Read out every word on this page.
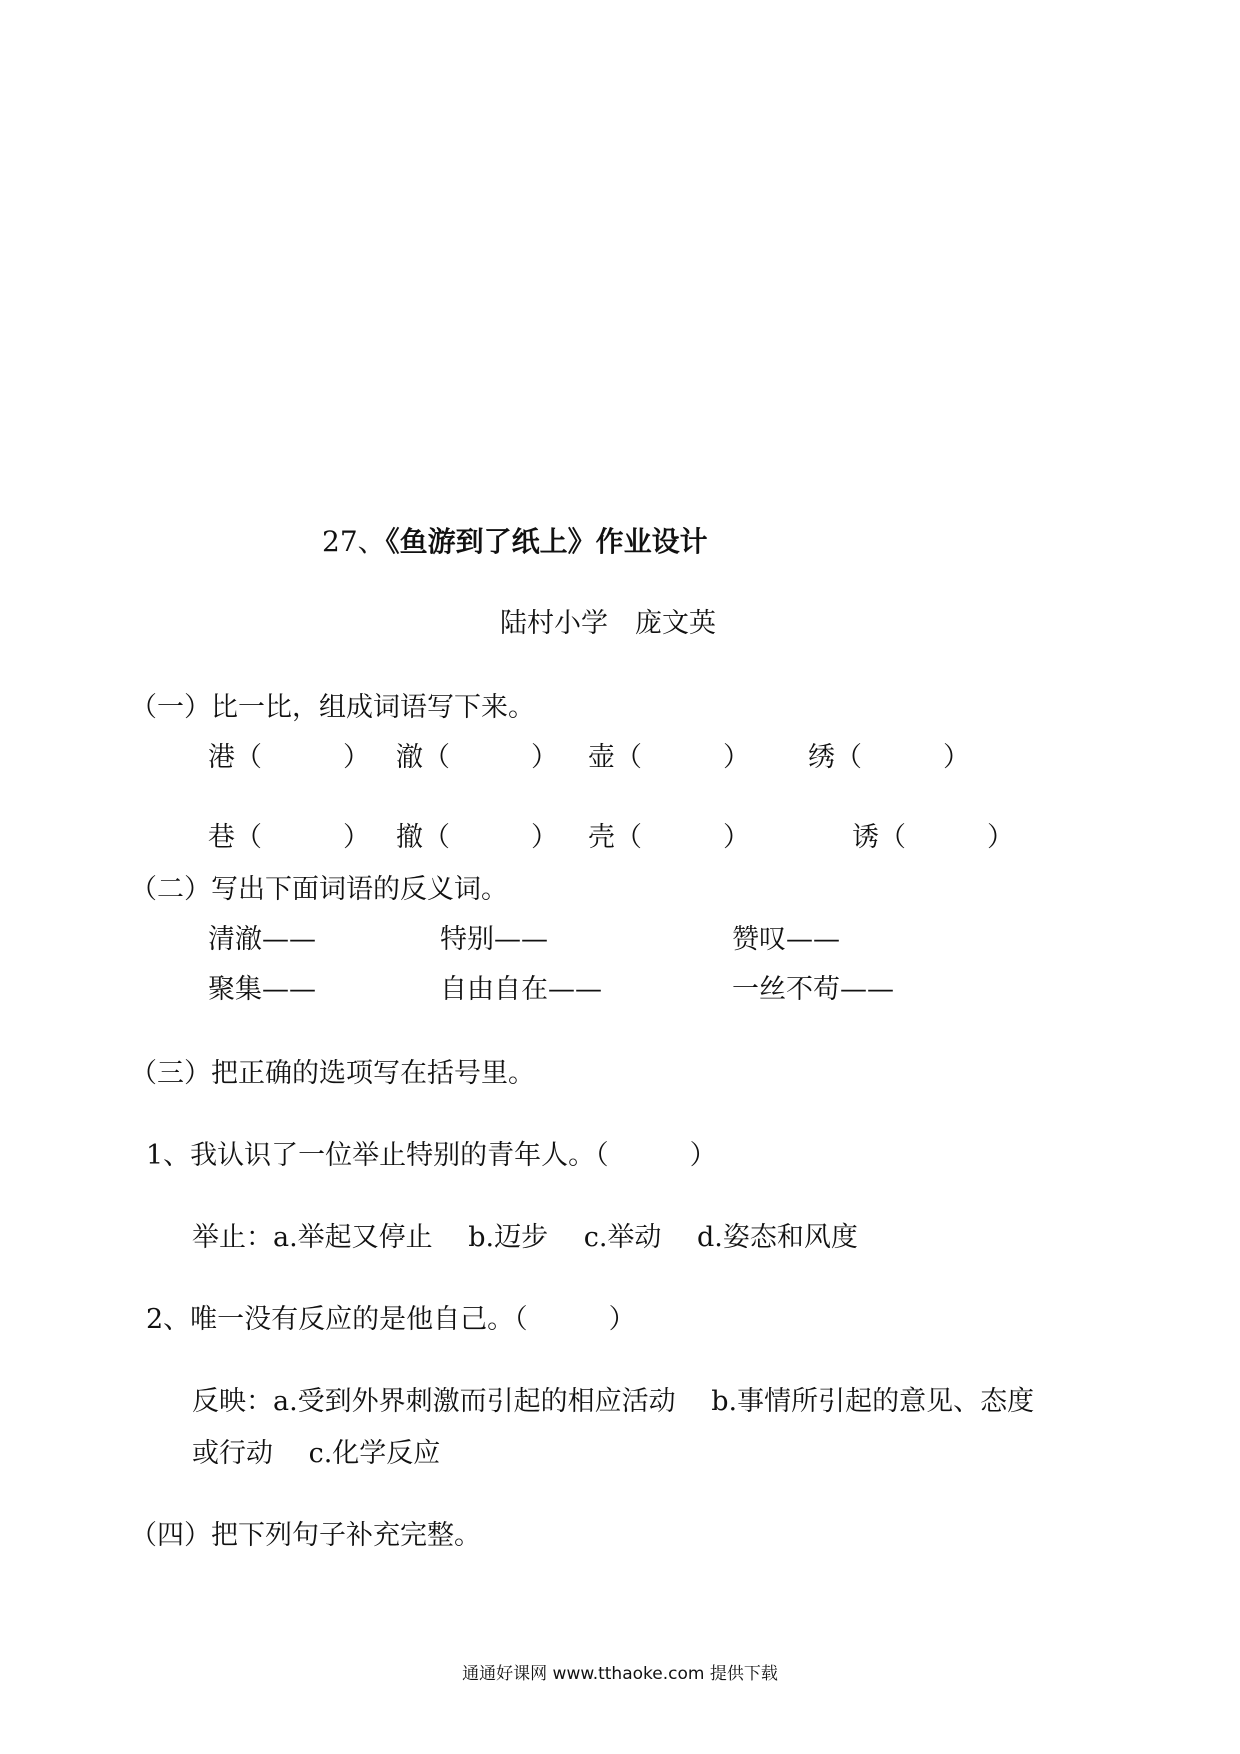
27、《鱼游到了纸上》作业设计
陆村小学　庞文英
（一）比一比，组成词语写下来。
港（　　　） 澈（　　　） 壶（　　　） 绣（　　　）
巷（　　　） 撤（　　　） 壳（　　　）	诱（　　　）
（二）写出下面词语的反义词。
清澈——	特别——	赞叹——
聚集——	自由自在——	一丝不苟——
（三）把正确的选项写在括号里。
1、我认识了一位举止特别的青年人。（　　　）
举止：a.举起又停止　 b.迈步　 c.举动　 d.姿态和风度
2、唯一没有反应的是他自己。（　　　）
反映：a.受到外界刺激而引起的相应活动　 b.事情所引起的意见、态度
或行动　 c.化学反应
（四）把下列句子补充完整。
通通好课网 www.tthaoke.com 提供下载
